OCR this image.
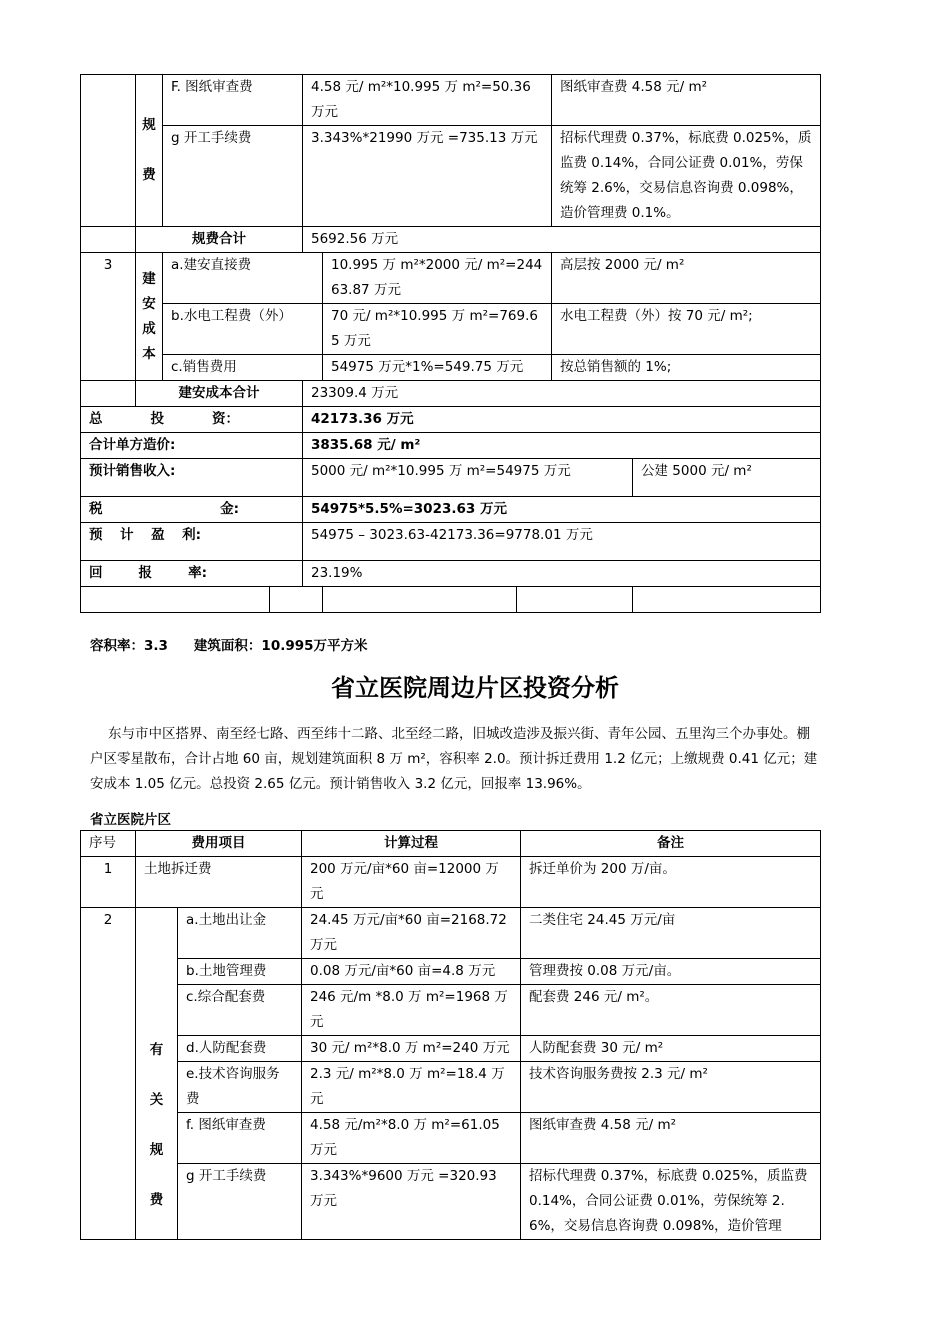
	规
费	F. 图纸审查费		4.58 元/ m²*10.995 万 m²=50.36 万元			图纸审查费 4.58 元/ m²	
		g 开工手续费		3.343%*21990 万元 =735.13 万元			招标代理费 0.37%，标底费 0.025%，质监费 0.14%，合同公证费 0.01%，劳保统筹 2.6%，交易信息咨询费 0.098%，造价管理费 0.1%。	
	规费合计			5692.56 万元				
3	建
安
成
本	a.建安直接费			10.995 万 m²*2000 元/ m²=24463.87 万元		高层按 2000 元/ m²	
		b.水电工程费（外）			70 元/ m²*10.995 万 m²=769.65 万元		水电工程费（外）按 70 元/ m²;	
		c.销售费用			54975 万元*1%=549.75 万元		按总销售额的 1%;	
	建安成本合计			23309.4 万元				

总 投 资：				42173.36 万元				
合计单方造价:				3835.68 元/ m²				
预计销售收入:				5000 元/ m²*10.995 万 m²=54975 万元				公建 5000 元/ m²

税 金:				54975*5.5%=3023.63 万元				

预 计 盈 利:				54975 – 3023.63-42173.36=9778.01 万元				

回 报 率:				23.19%				

容积率：3.3 建筑面积：10.995万平方米
省立医院周边片区投资分析
东与市中区搭界、南至经七路、西至纬十二路、北至经二路，旧城改造涉及振兴街、青年公园、五里沟三个办事处。棚户区零星散布，合计占地 60 亩，规划建筑面积 8 万 m²，容积率 2.0。预计拆迁费用 1.2 亿元；上缴规费 0.41 亿元；建安成本 1.05 亿元。总投资 2.65 亿元。预计销售收入 3.2 亿元，回报率 13.96%。
省立医院片区
序号	费用项目		计算过程	备注
1	土地拆迁费		200 万元/亩*60 亩=12000 万元	拆迁单价为 200 万/亩。
2	有
关
规
费	a.土地出让金	24.45 万元/亩*60 亩=2168.72 万元	二类住宅 24.45 万元/亩
		b.土地管理费	0.08 万元/亩*60 亩=4.8 万元	管理费按 0.08 万元/亩。
		c.综合配套费	246 元/m *8.0 万 m²=1968 万元	配套费 246 元/ m²。
		d.人防配套费	30 元/ m²*8.0 万 m²=240 万元	人防配套费 30 元/ m²
		e.技术咨询服务费	2.3 元/ m²*8.0 万 m²=18.4 万元	技术咨询服务费按 2.3 元/ m²
		f. 图纸审查费	4.58 元/m²*8.0 万 m²=61.05 万元	图纸审查费 4.58 元/ m²
		g 开工手续费	3.343%*9600 万元 =320.93 万元	招标代理费 0.37%，标底费 0.025%，质监费 0.14%，合同公证费 0.01%，劳保统筹 2.6%，交易信息咨询费 0.098%，造价管理
